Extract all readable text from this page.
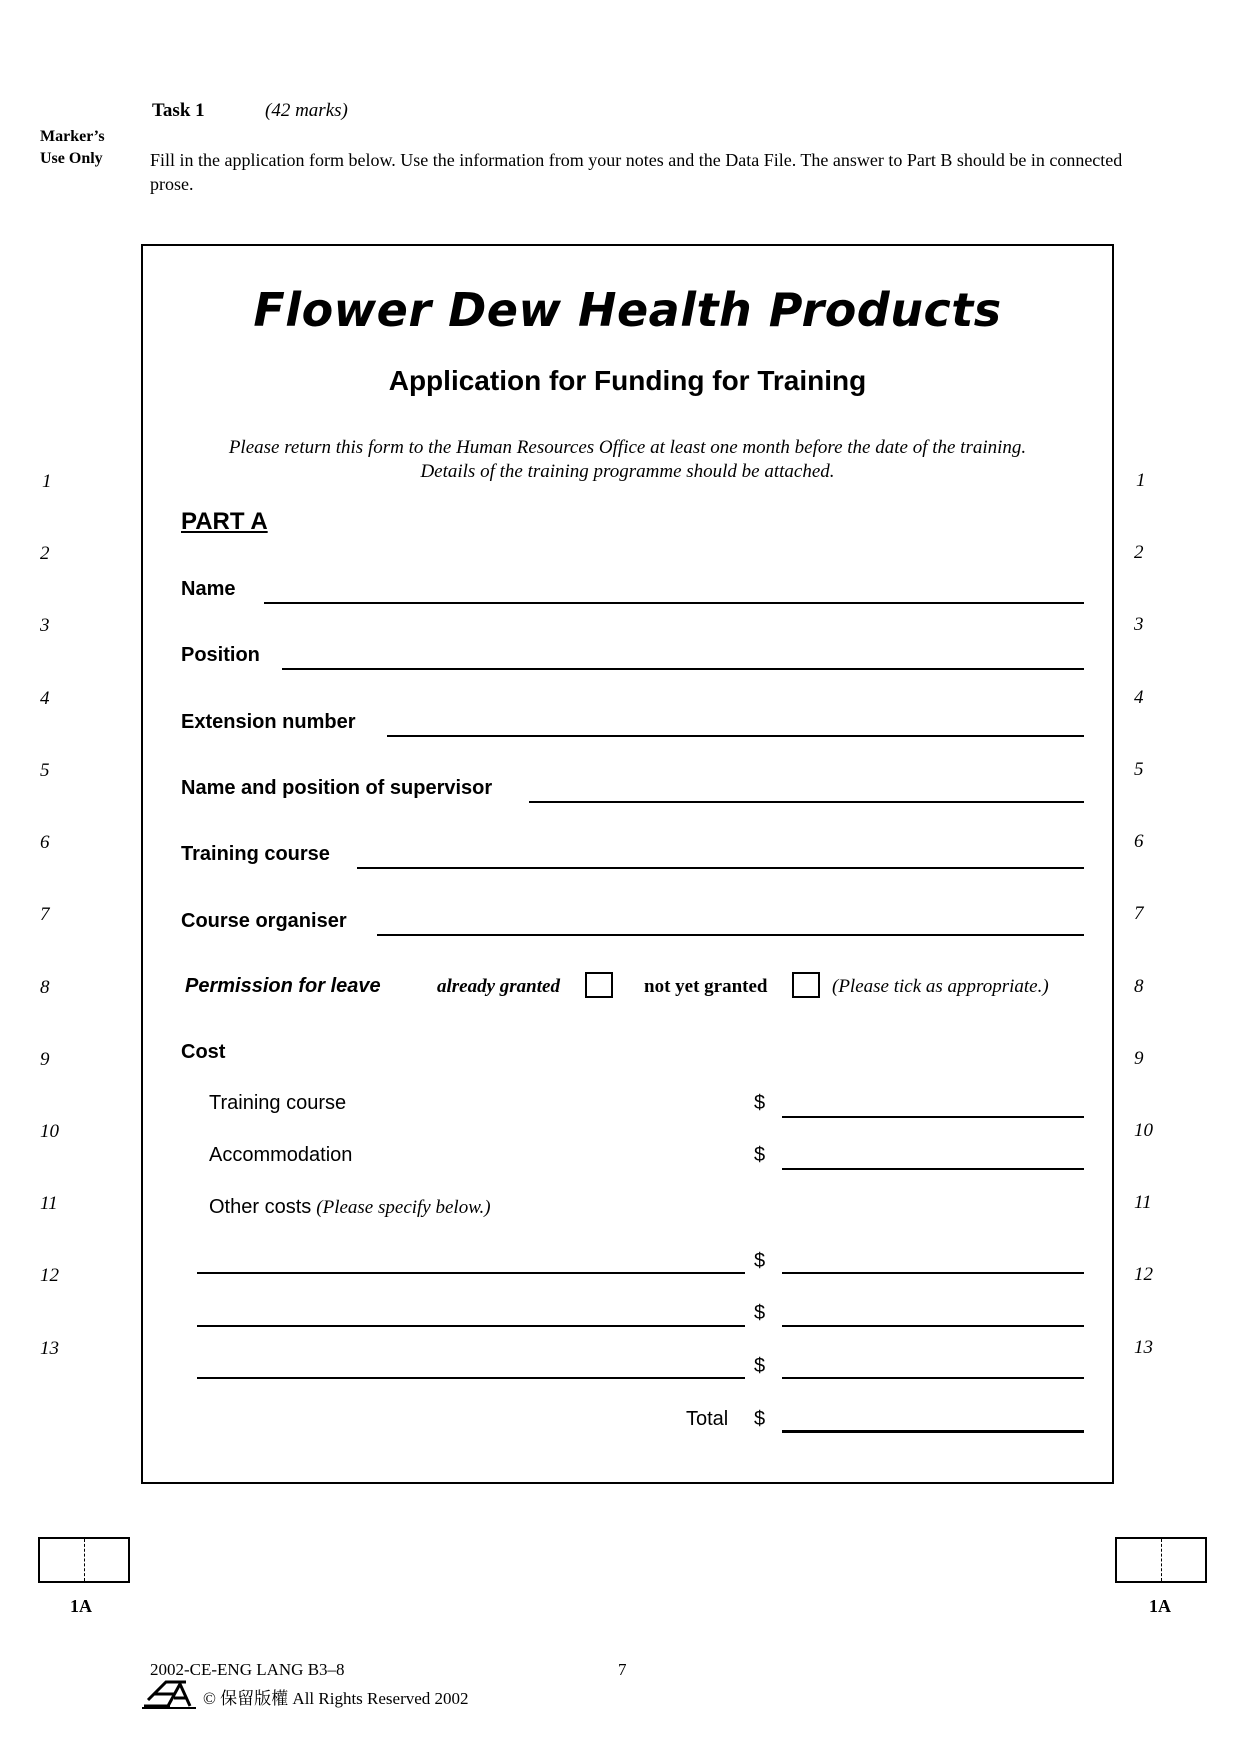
Task 1	(42 marks)
Marker’s
Use Only	Fill in the application form below. Use the information from your notes and the Data File. The answer to Part B should be in connected prose.
Flower Dew Health Products
Application for Funding for Training
Please return this form to the Human Resources Office at least one month before the date of the training.
Details of the training programme should be attached.
PART A
Name
Position
Extension number
Name and position of supervisor
Training course
Course organiser
Permission for leave	already granted	not yet granted	(Please tick as appropriate.)
Cost
Training course	$
Accommodation	$
Other costs (Please specify below.)
$
$
$
Total $
1
2
3
4
5
6
7
8
9
10
11
12
13
1
2
3
4
5
6
7
8
9
10
11
12
13
1A	1A
2002-CE-ENG LANG B3–8	7
© 保留版權 All Rights Reserved 2002
